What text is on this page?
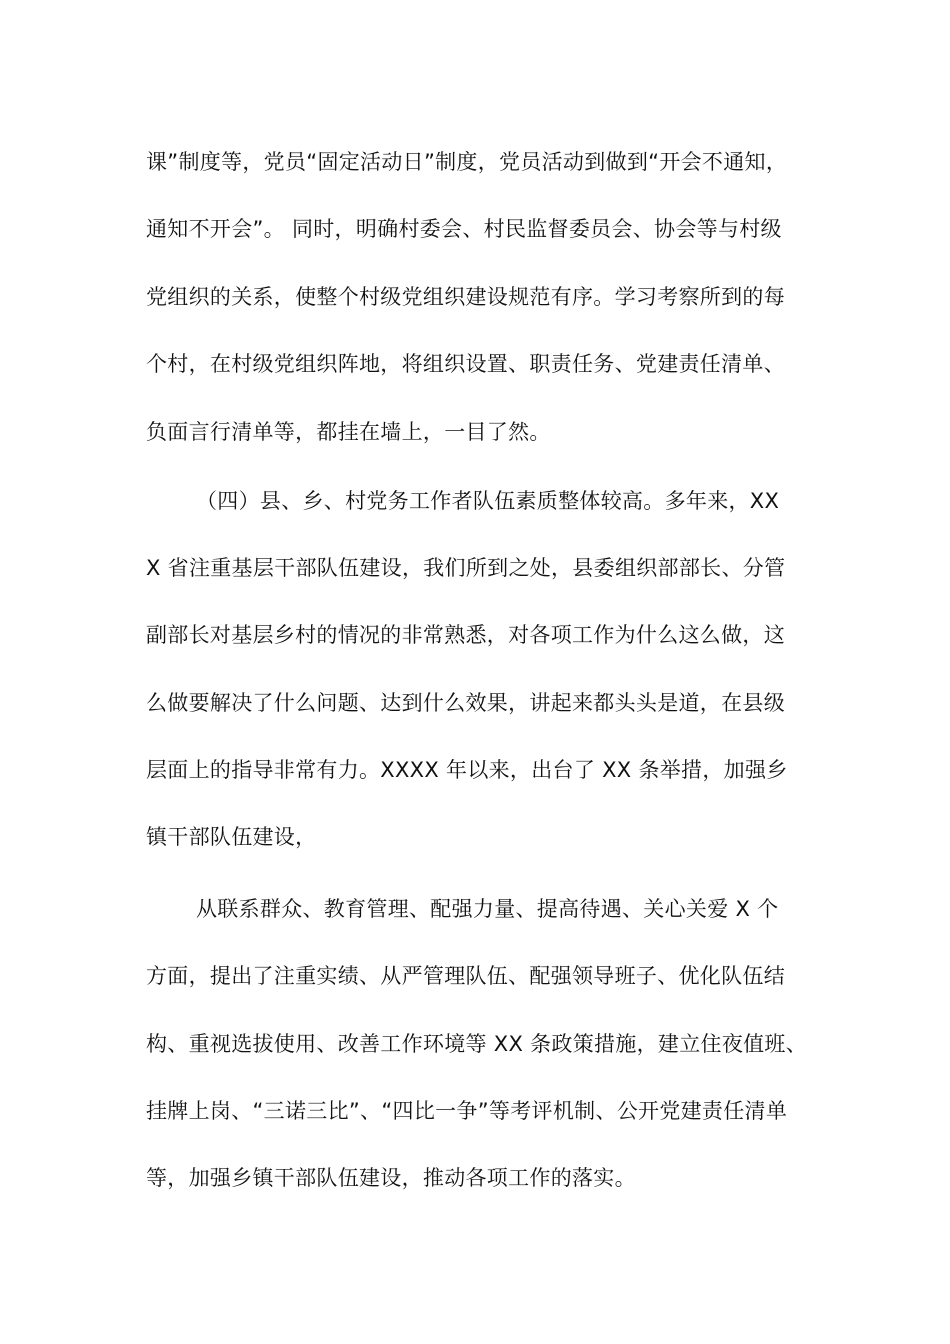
课”制度等，党员“固定活动日”制度，党员活动到做到“开会不通知，
通知不开会”。 同时，明确村委会、村民监督委员会、协会等与村级
党组织的关系，使整个村级党组织建设规范有序。学习考察所到的每
个村，在村级党组织阵地，将组织设置、职责任务、党建责任清单、
负面言行清单等，都挂在墙上，一目了然。
（四）县、乡、村党务工作者队伍素质整体较高。多年来，XX
X 省注重基层干部队伍建设，我们所到之处，县委组织部部长、分管
副部长对基层乡村的情况的非常熟悉，对各项工作为什么这么做，这
么做要解决了什么问题、达到什么效果，讲起来都头头是道，在县级
层面上的指导非常有力。XXXX 年以来，出台了 XX 条举措，加强乡
镇干部队伍建设，
从联系群众、教育管理、配强力量、提高待遇、关心关爱 X 个
方面，提出了注重实绩、从严管理队伍、配强领导班子、优化队伍结
构、重视选拔使用、改善工作环境等 XX 条政策措施，建立住夜值班、
挂牌上岗、“三诺三比”、“四比一争”等考评机制、公开党建责任清单
等，加强乡镇干部队伍建设，推动各项工作的落实。
